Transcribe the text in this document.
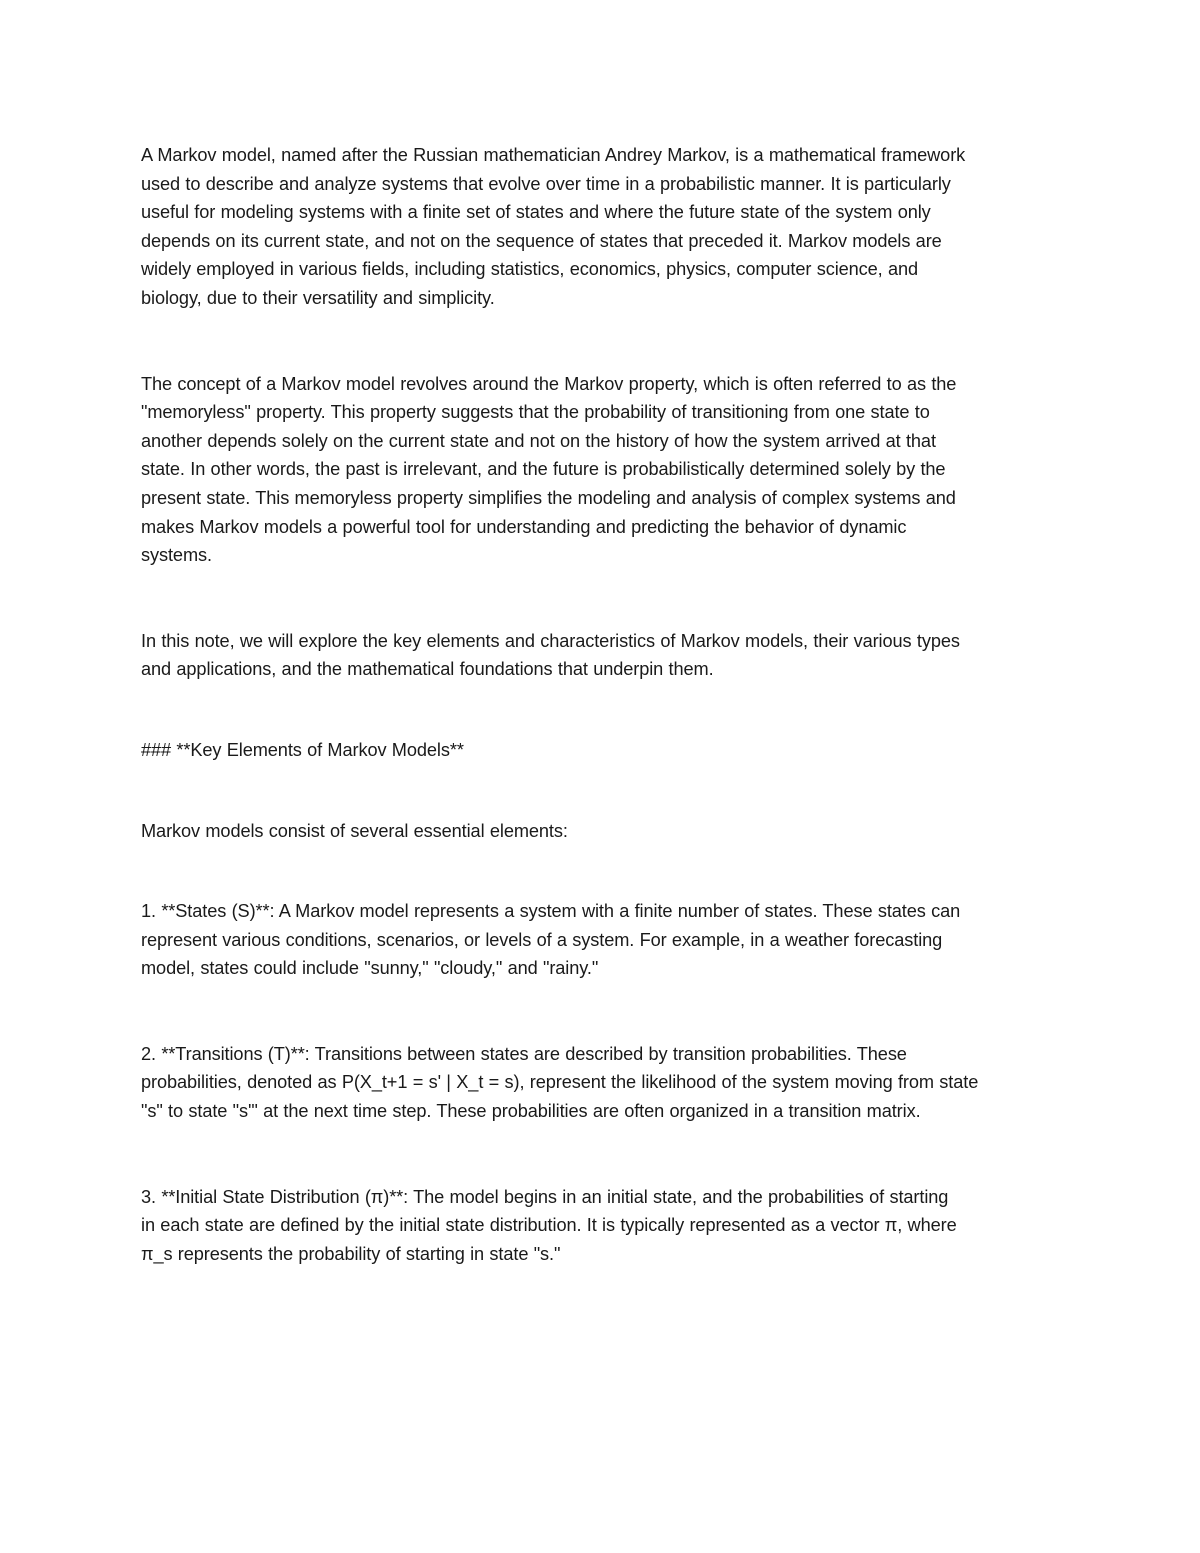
A Markov model, named after the Russian mathematician Andrey Markov, is a mathematical framework
used to describe and analyze systems that evolve over time in a probabilistic manner. It is particularly
useful for modeling systems with a finite set of states and where the future state of the system only
depends on its current state, and not on the sequence of states that preceded it. Markov models are
widely employed in various fields, including statistics, economics, physics, computer science, and
biology, due to their versatility and simplicity.

The concept of a Markov model revolves around the Markov property, which is often referred to as the
"memoryless" property. This property suggests that the probability of transitioning from one state to
another depends solely on the current state and not on the history of how the system arrived at that
state. In other words, the past is irrelevant, and the future is probabilistically determined solely by the
present state. This memoryless property simplifies the modeling and analysis of complex systems and
makes Markov models a powerful tool for understanding and predicting the behavior of dynamic
systems.

In this note, we will explore the key elements and characteristics of Markov models, their various types
and applications, and the mathematical foundations that underpin them.

### **Key Elements of Markov Models**

Markov models consist of several essential elements:

1. **States (S)**: A Markov model represents a system with a finite number of states. These states can
represent various conditions, scenarios, or levels of a system. For example, in a weather forecasting
model, states could include "sunny," "cloudy," and "rainy."

2. **Transitions (T)**: Transitions between states are described by transition probabilities. These
probabilities, denoted as P(X_t+1 = s' | X_t = s), represent the likelihood of the system moving from state
"s" to state "s'" at the next time step. These probabilities are often organized in a transition matrix.

3. **Initial State Distribution (π)**: The model begins in an initial state, and the probabilities of starting
in each state are defined by the initial state distribution. It is typically represented as a vector π, where
π_s represents the probability of starting in state "s."
